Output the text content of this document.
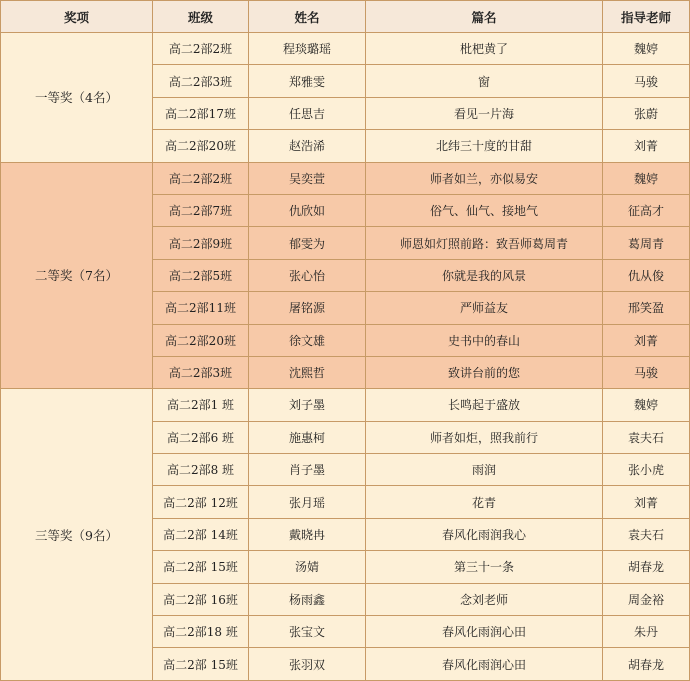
奖项	班级	姓名	篇名	指导老师
一等奖（4名）	高二2部2班	程琰璐瑶	枇杷黄了	魏婷
	高二2部3班	郑雅雯	窗	马骏
	高二2部17班	任思吉	看见一片海	张蔚
	高二2部20班	赵浩浠	北纬三十度的甘甜	刘菁
二等奖（7名）	高二2部2班	吴奕萱	师者如兰，亦似易安	魏婷
	高二2部7班	仇欣如	俗气、仙气、接地气	征高才
	高二2部9班	郁雯为	师恩如灯照前路：致吾师葛周青	葛周青
	高二2部5班	张心怡	你就是我的风景	仇从俊
	高二2部11班	屠铭源	严师益友	邢笑盈
	高二2部20班	徐文雄	史书中的春山	刘菁
	高二2部3班	沈熙哲	致讲台前的您	马骏
三等奖（9名）	高二2部1 班	刘子墨	长鸣起于盛放	魏婷
	高二2部6 班	施惠柯	师者如炬，照我前行	袁夫石
	高二2部8 班	肖子墨	雨润	张小虎
	高二2部 12班	张月瑶	花青	刘菁
	高二2部 14班	戴晓冉	春风化雨润我心	袁夫石
	高二2部 15班	汤婧	第三十一条	胡春龙
	高二2部 16班	杨雨鑫	念刘老师	周金裕
	高二2部18 班	张宝文	春风化雨润心田	朱丹
	高二2部 15班	张羽双	春风化雨润心田	胡春龙
